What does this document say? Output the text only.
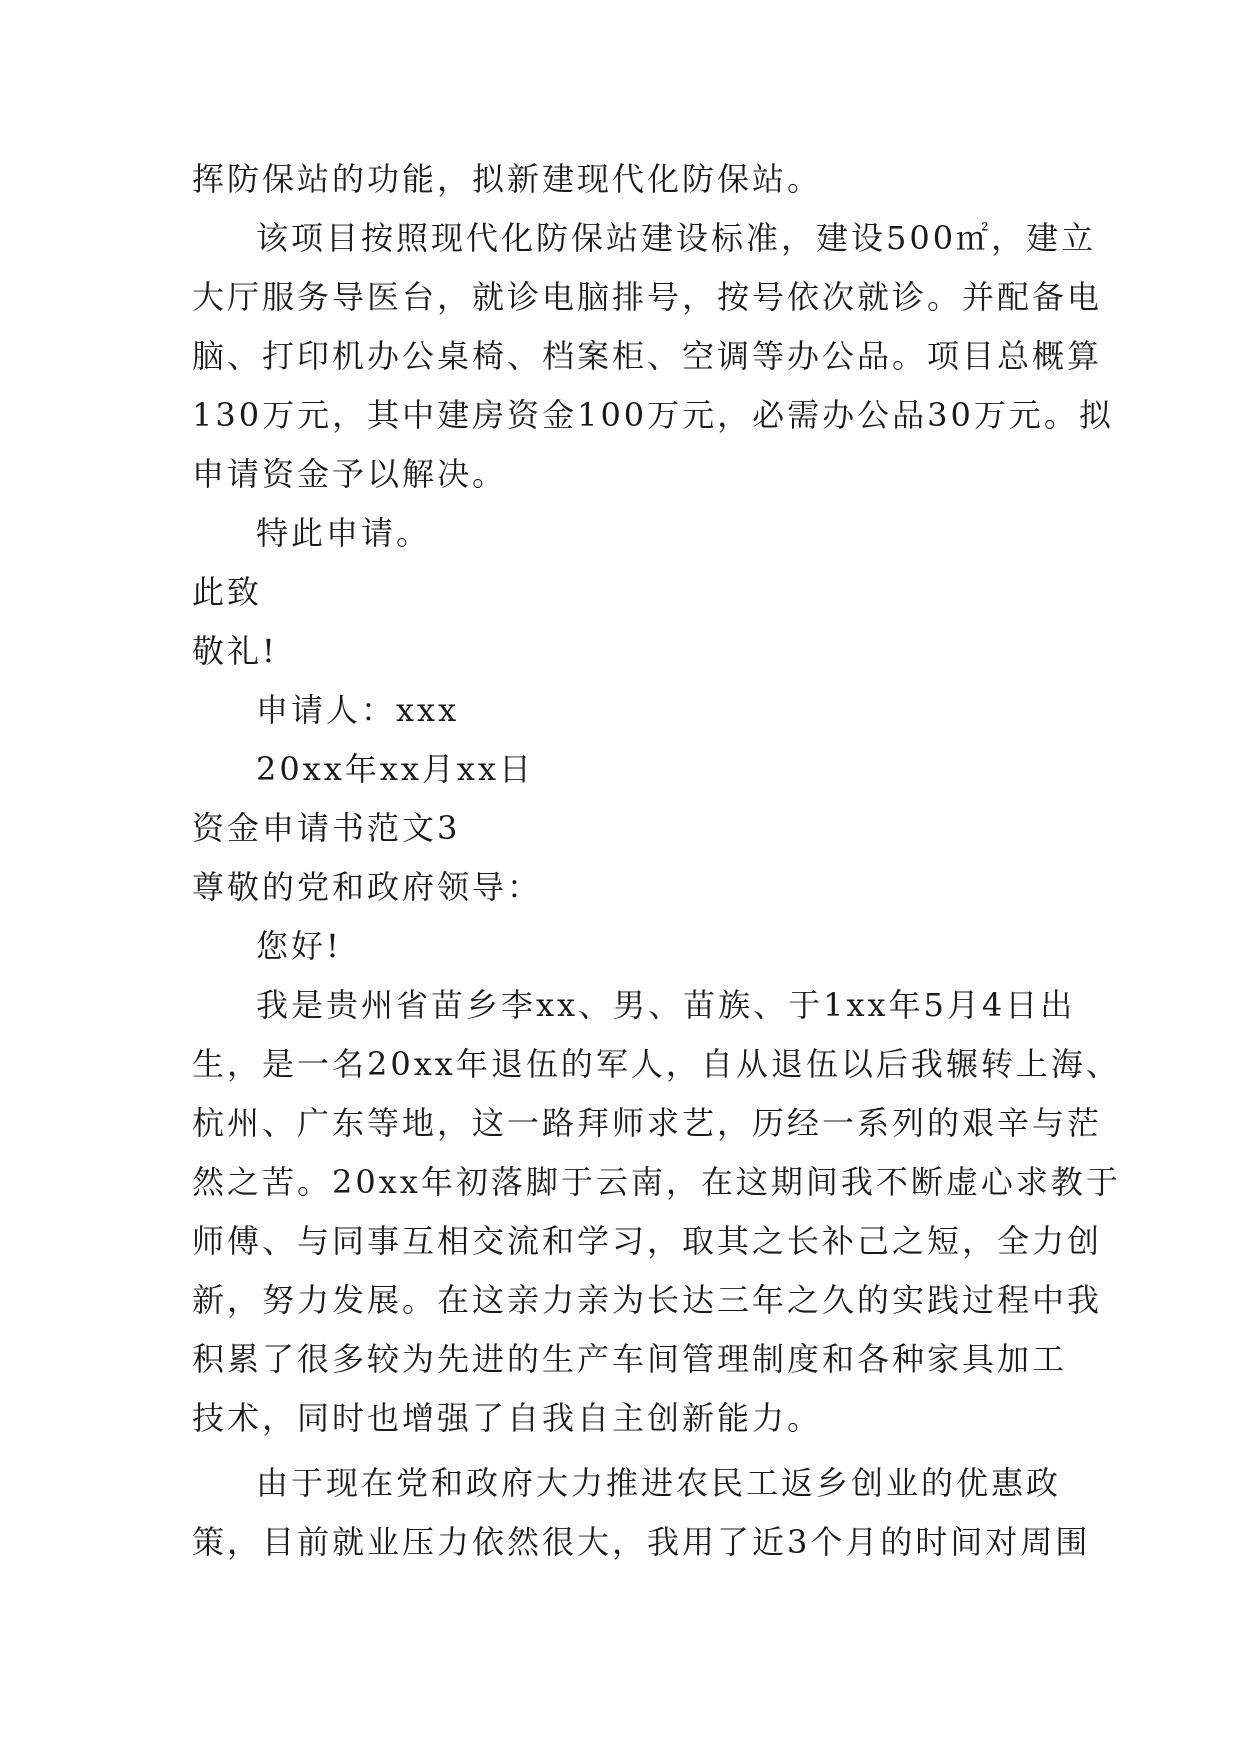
挥防保站的功能，拟新建现代化防保站。
该项目按照现代化防保站建设标准，建设500㎡，建立
大厅服务导医台，就诊电脑排号，按号依次就诊。并配备电
脑、打印机办公桌椅、档案柜、空调等办公品。项目总概算
130万元，其中建房资金100万元，必需办公品30万元。拟
申请资金予以解决。
特此申请。
此致
敬礼!
申请人：xxx
20xx年xx月xx日
资金申请书范文3
尊敬的党和政府领导：
您好!
我是贵州省苗乡李xx、男、苗族、于1xx年5月4日出
生，是一名20xx年退伍的军人，自从退伍以后我辗转上海、
杭州、广东等地，这一路拜师求艺，历经一系列的艰辛与茫
然之苦。20xx年初落脚于云南，在这期间我不断虚心求教于
师傅、与同事互相交流和学习，取其之长补己之短，全力创
新，努力发展。在这亲力亲为长达三年之久的实践过程中我
积累了很多较为先进的生产车间管理制度和各种家具加工
技术，同时也增强了自我自主创新能力。
由于现在党和政府大力推进农民工返乡创业的优惠政
策，目前就业压力依然很大，我用了近3个月的时间对周围
